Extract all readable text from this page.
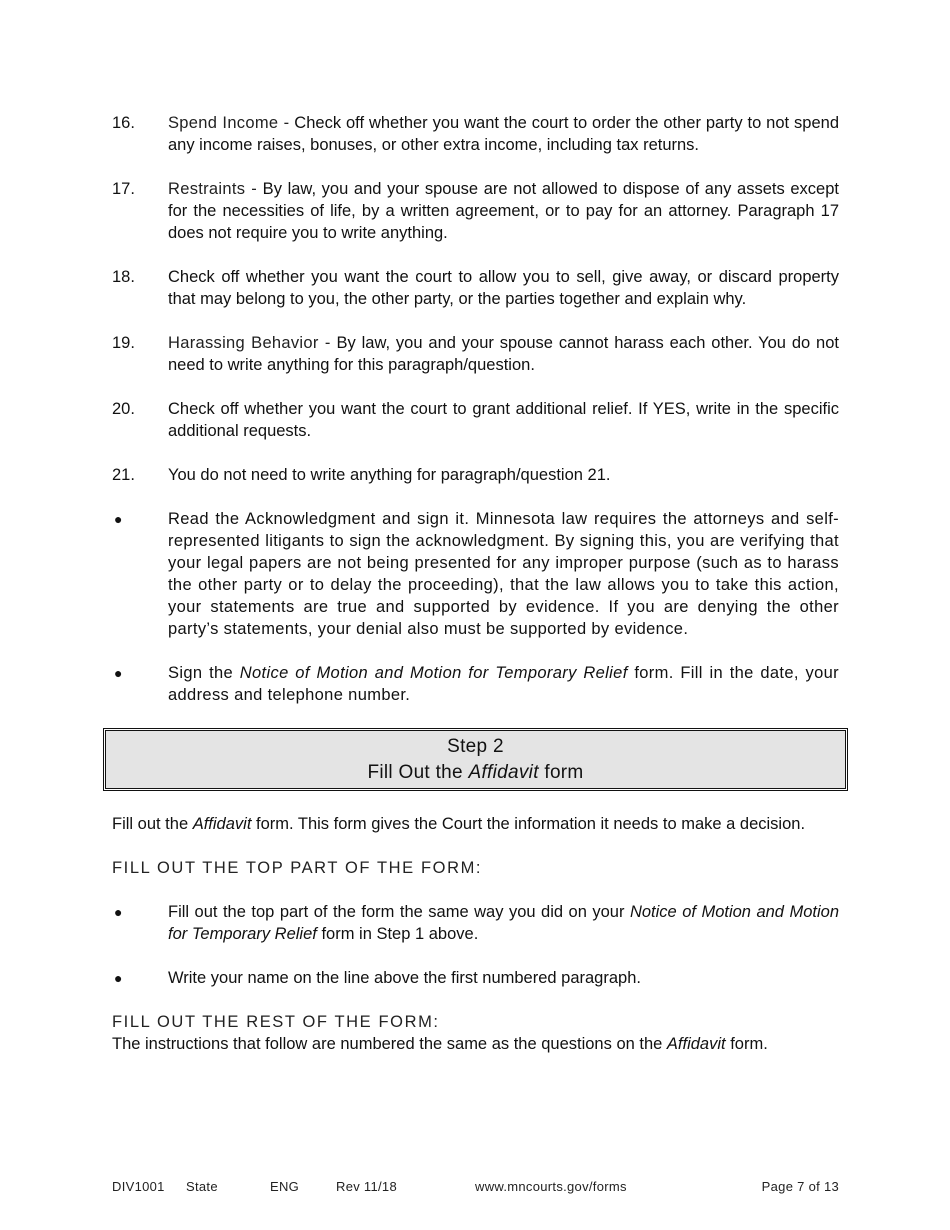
16. Spend Income - Check off whether you want the court to order the other party to not spend any income raises, bonuses, or other extra income, including tax returns.
17. Restraints - By law, you and your spouse are not allowed to dispose of any assets except for the necessities of life, by a written agreement, or to pay for an attorney. Paragraph 17 does not require you to write anything.
18. Check off whether you want the court to allow you to sell, give away, or discard property that may belong to you, the other party, or the parties together and explain why.
19. Harassing Behavior - By law, you and your spouse cannot harass each other. You do not need to write anything for this paragraph/question.
20. Check off whether you want the court to grant additional relief. If YES, write in the specific additional requests.
21. You do not need to write anything for paragraph/question 21.
●	Read the Acknowledgment and sign it. Minnesota law requires the attorneys and self-represented litigants to sign the acknowledgment. By signing this, you are verifying that your legal papers are not being presented for any improper purpose (such as to harass the other party or to delay the proceeding), that the law allows you to take this action, your statements are true and supported by evidence. If you are denying the other party’s statements, your denial also must be supported by evidence.
●	Sign the Notice of Motion and Motion for Temporary Relief form. Fill in the date, your address and telephone number.
Step 2
Fill Out the Affidavit form
Fill out the Affidavit form. This form gives the Court the information it needs to make a decision.
FILL OUT THE TOP PART OF THE FORM:
●	Fill out the top part of the form the same way you did on your Notice of Motion and Motion for Temporary Relief form in Step 1 above.
●	Write your name on the line above the first numbered paragraph.
FILL OUT THE REST OF THE FORM:
The instructions that follow are numbered the same as the questions on the Affidavit form.
DIV1001 State	ENG	Rev 11/18	www.mncourts.gov/forms	Page 7 of 13
